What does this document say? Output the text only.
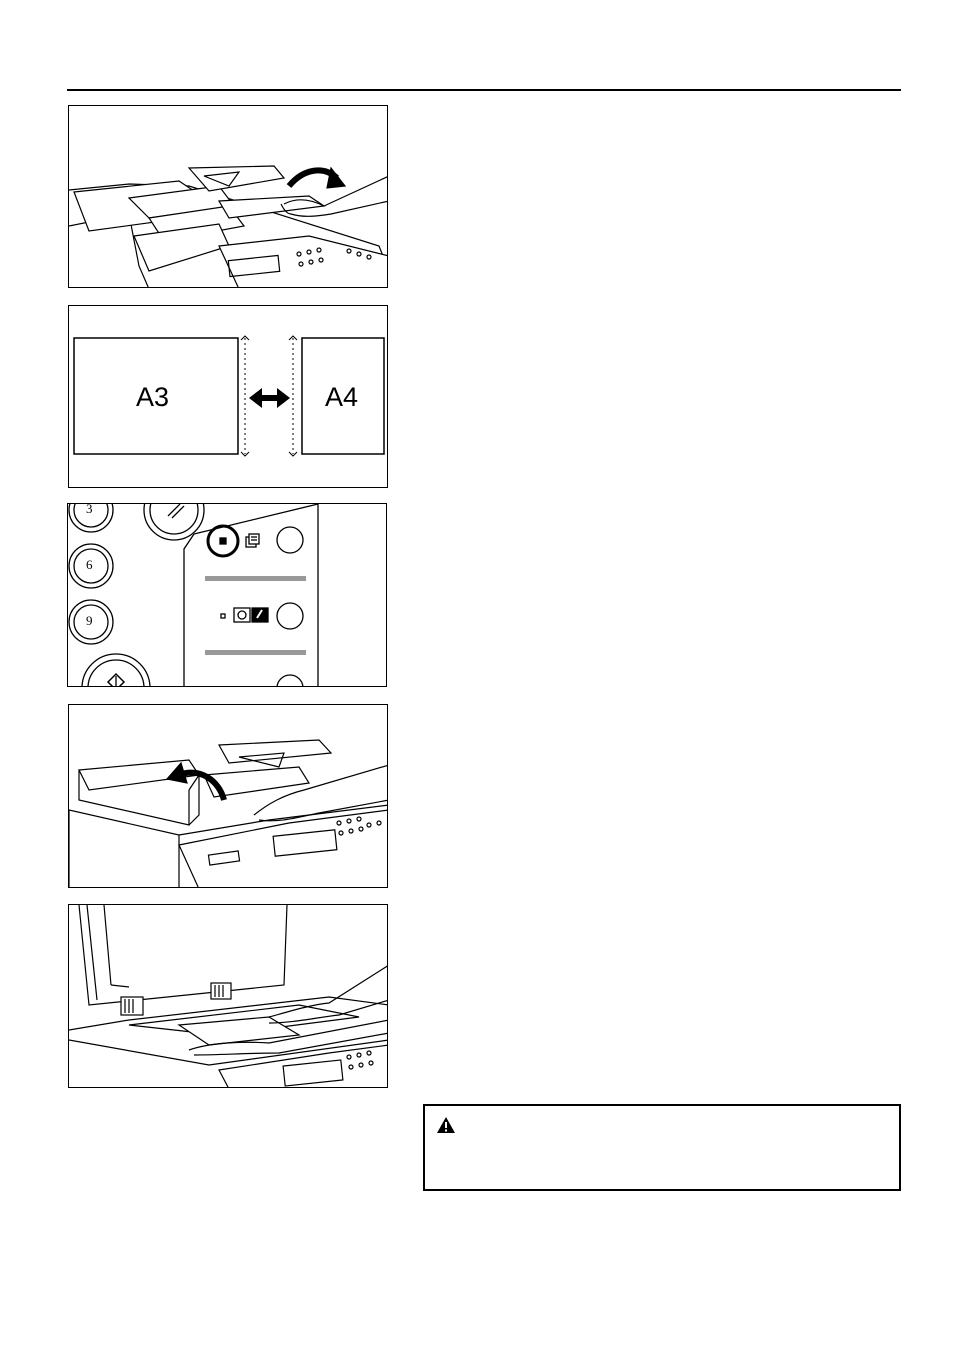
A3	A4
3
6
9
